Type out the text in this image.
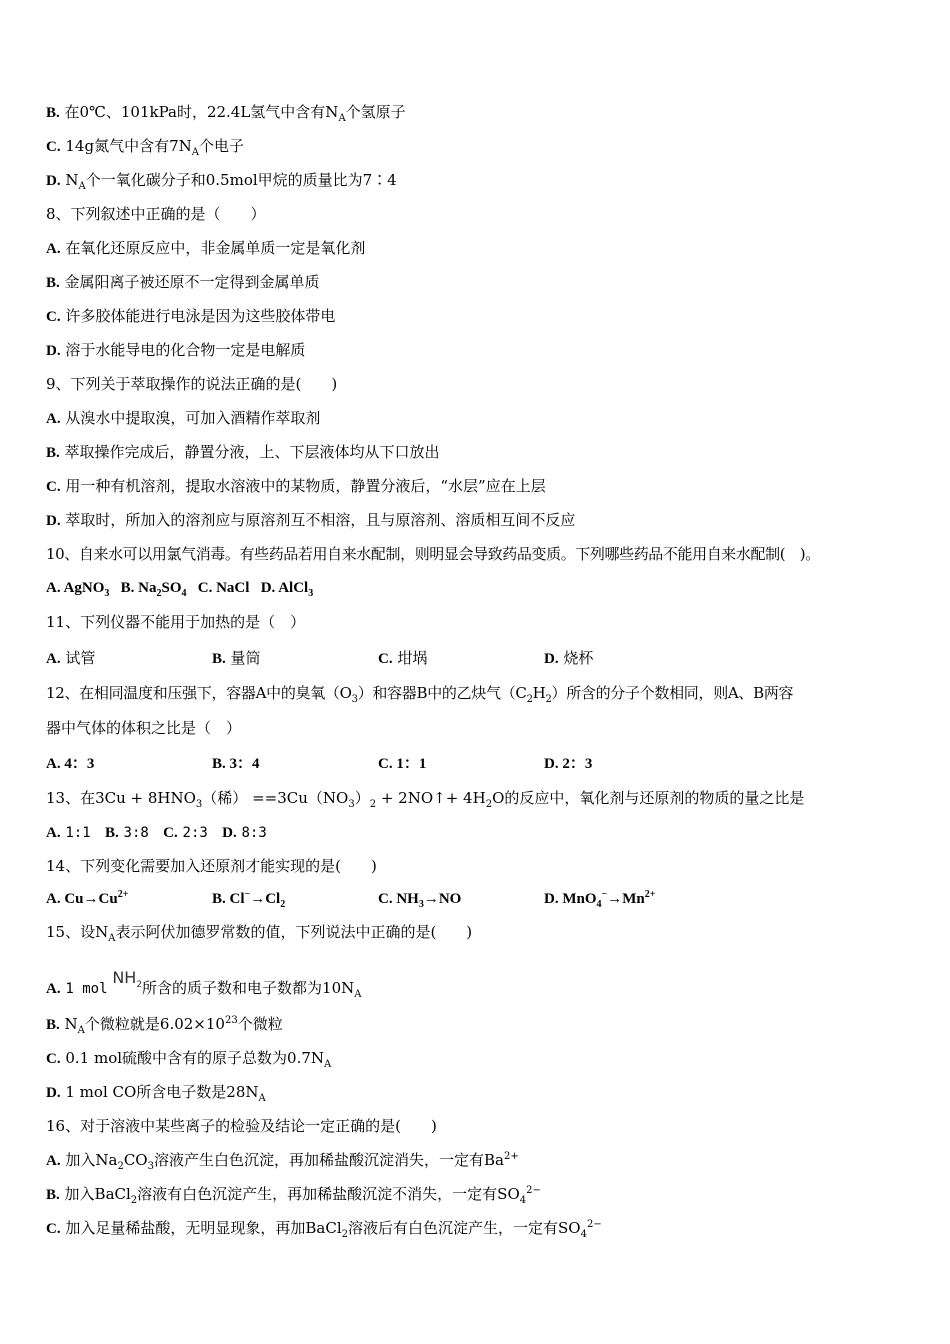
B. 在0℃、101kPa时，22.4L氢气中含有$N_A$个氢原子
C. 14g氮气中含有$7N_A$个电子
D. $N_A$个一氧化碳分子和0.5mol甲烷的质量比为7∶4
8、下列叙述中正确的是（　　）
A. 在氧化还原反应中，非金属单质一定是氧化剂
B. 金属阳离子被还原不一定得到金属单质
C. 许多胶体能进行电泳是因为这些胶体带电
D. 溶于水能导电的化合物一定是电解质
9、下列关于萃取操作的说法正确的是(　　)
A. 从溴水中提取溴，可加入酒精作萃取剂
B. 萃取操作完成后，静置分液，上、下层液体均从下口放出
C. 用一种有机溶剂，提取水溶液中的某物质，静置分液后，“水层”应在上层
D. 萃取时，所加入的溶剂应与原溶剂互不相溶，且与原溶剂、溶质相互间不反应
10、自来水可以用氯气消毒。有些药品若用自来水配制，则明显会导致药品变质。下列哪些药品不能用自来水配制(　)。
A. AgNO$_3$ B. $Na_2SO_4$ C. NaCl D. AlCl$_3$
11、下列仪器不能用于加热的是（　）
A. 试管	B. 量筒	C. 坩埚	D. 烧杯
12、在相同温度和压强下，容器A中的臭氧$(O_3)$和容器B中的乙炔气$(C_2H_2)$所含的分子个数相同，则A、B两容
器中气体的体积之比是（　）
A. 4：3	B. 3：4	C. 1：1	D. 2：3
13、在$3Cu + 8HNO_3$（稀） $==3Cu(NO_3)_2$ + 2NO↑+ $4H_2O$的反应中，氧化剂与还原剂的物质的量之比是
A. 1:1 B. 3:8 C. 2:3 D. 8:3
14、下列变化需要加入还原剂才能实现的是(　　)
A. $Cu\to Cu^{2+}$	B. $Cl^-\to Cl_2$	C. $NH_3\to NO$	D. $MnO_4^-\to Mn^{2+}$
15、设$N_A$表示阿伏加德罗常数的值，下列说法中正确的是(　　)
A. 1 mol $NH_2$所含的质子数和电子数都为$10N_A$
B. $N_A$个微粒就是$6.02\times 10^{23}$个微粒
C. 0.1 mol硫酸中含有的原子总数为$0.7N_A$
D. 1 mol CO所含电子数是$28N_A$
16、对于溶液中某些离子的检验及结论一定正确的是(　　)
A. 加入$Na_2CO_3$溶液产生白色沉淀，再加稀盐酸沉淀消失，一定有$Ba^{2+}$
B. 加入BaCl$_2$溶液有白色沉淀产生，再加稀盐酸沉淀不消失，一定有$SO_4^{2-}$
C. 加入足量稀盐酸，无明显现象，再加BaCl$_2$溶液后有白色沉淀产生，一定有$SO_4^{2-}$
